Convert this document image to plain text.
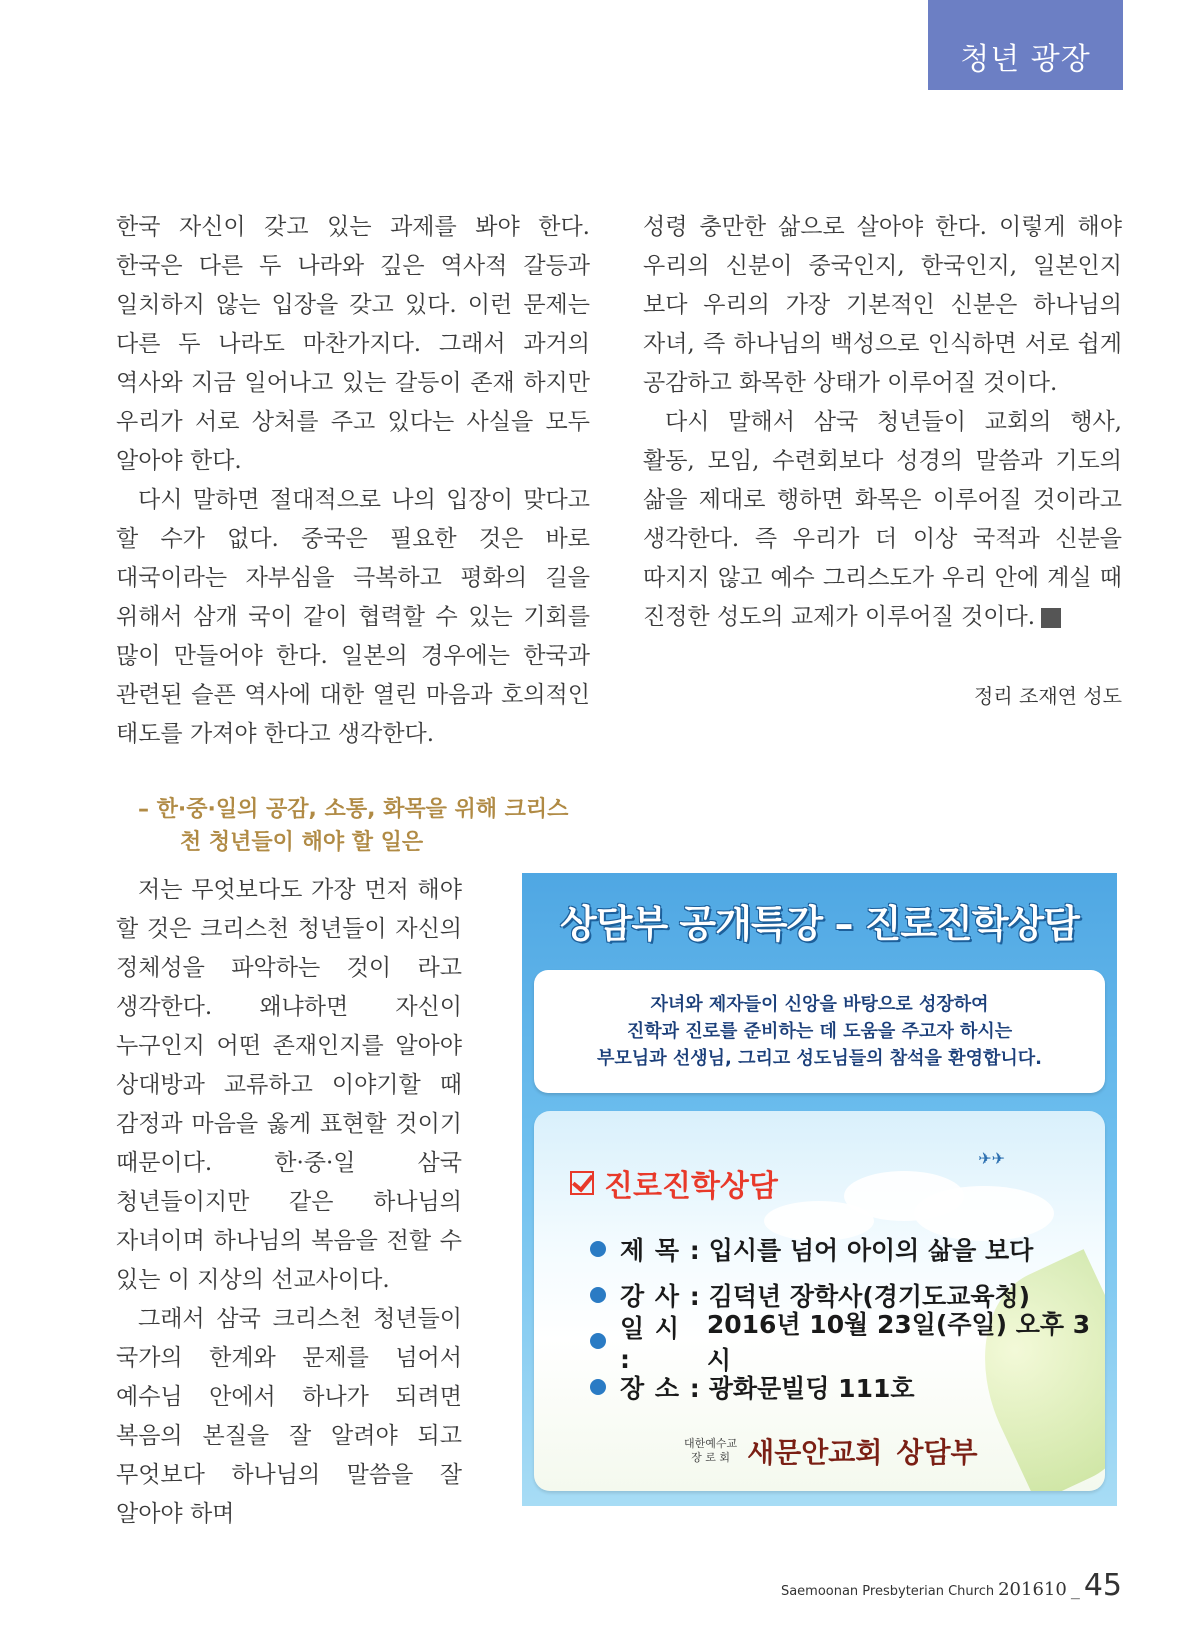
청년 광장

한국 자신이 갖고 있는 과제를 봐야 한다. 한국은 다른 두 나라와 깊은 역사적 갈등과 일치하지 않는 입장을 갖고 있다. 이런 문제는 다른 두 나라도 마찬가지다. 그래서 과거의 역사와 지금 일어나고 있는 갈등이 존재 하지만 우리가 서로 상처를 주고 있다는 사실을 모두 알아야 한다.

다시 말하면 절대적으로 나의 입장이 맞다고 할 수가 없다. 중국은 필요한 것은 바로 대국이라는 자부심을 극복하고 평화의 길을 위해서 삼개 국이 같이 협력할 수 있는 기회를 많이 만들어야 한다. 일본의 경우에는 한국과 관련된 슬픈 역사에 대한 열린 마음과 호의적인 태도를 가져야 한다고 생각한다.

– 한·중·일의 공감, 소통, 화목을 위해 크리스
천 청년들이 해야 할 일은

저는 무엇보다도 가장 먼저 해야 할 것은 크리스천 청년들이 자신의 정체성을 파악하는 것이 라고 생각한다. 왜냐하면 자신이 누구인지 어떤 존재인지를 알아야 상대방과 교류하고 이야기할 때 감정과 마음을 옳게 표현할 것이기 때문이다. 한·중·일 삼국 청년들이지만 같은 하나님의 자녀이며 하나님의 복음을 전할 수 있는 이 지상의 선교사이다.

그래서 삼국 크리스천 청년들이 국가의 한계와 문제를 넘어서 예수님 안에서 하나가 되려면 복음의 본질을 잘 알려야 되고 무엇보다 하나님의 말씀을 잘 알아야 하며

성령 충만한 삶으로 살아야 한다. 이렇게 해야 우리의 신분이 중국인지, 한국인지, 일본인지 보다 우리의 가장 기본적인 신분은 하나님의 자녀, 즉 하나님의 백성으로 인식하면 서로 쉽게 공감하고 화목한 상태가 이루어질 것이다.

다시 말해서 삼국 청년들이 교회의 행사, 활동, 모임, 수련회보다 성경의 말씀과 기도의 삶을 제대로 행하면 화목은 이루어질 것이라고 생각한다. 즉 우리가 더 이상 국적과 신분을 따지지 않고 예수 그리스도가 우리 안에 계실 때 진정한 성도의 교제가 이루어질 것이다. 새

정리 조재연 성도
상담부 공개특강 – 진로진학상담
자녀와 제자들이 신앙을 바탕으로 성장하여
진학과 진로를 준비하는 데 도움을 주고자 하시는
부모님과 선생님, 그리고 성도님들의 참석을 환영합니다.
✈✈
진로진학상담
제 목 : 입시를 넘어 아이의 삶을 보다
강 사 : 김덕년 장학사(경기도교육청)
일 시 :
2016년 10월 23일(주일) 오후 3시
장 소 : 광화문빌딩 111호
대한예수교
장 로 회 새문안교회 상담부
Saemoonan Presbyterian Church 201610 _ 45
